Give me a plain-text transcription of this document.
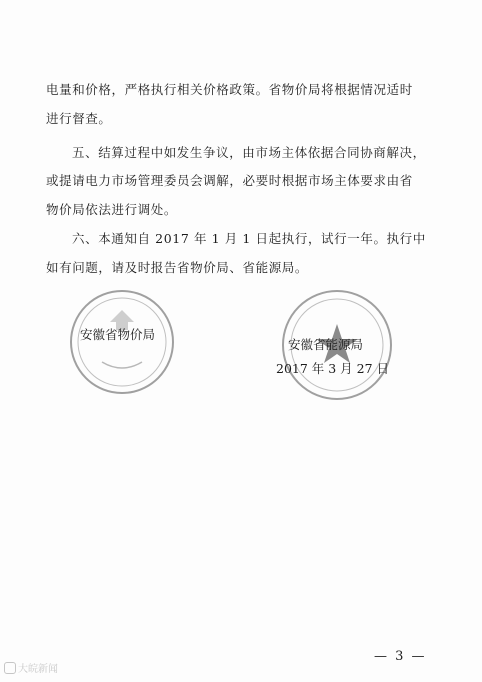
电量和价格，严格执行相关价格政策。省物价局将根据情况适时
进行督查。
五、结算过程中如发生争议，由市场主体依据合同协商解决，
或提请电力市场管理委员会调解，必要时根据市场主体要求由省
物价局依法进行调处。
六、本通知自 2017 年 1 月 1 日起执行，试行一年。执行中
如有问题，请及时报告省物价局、省能源局。
安徽省物价局
安徽省能源局
2017 年 3 月 27 日
— 3 —
大皖新闻
